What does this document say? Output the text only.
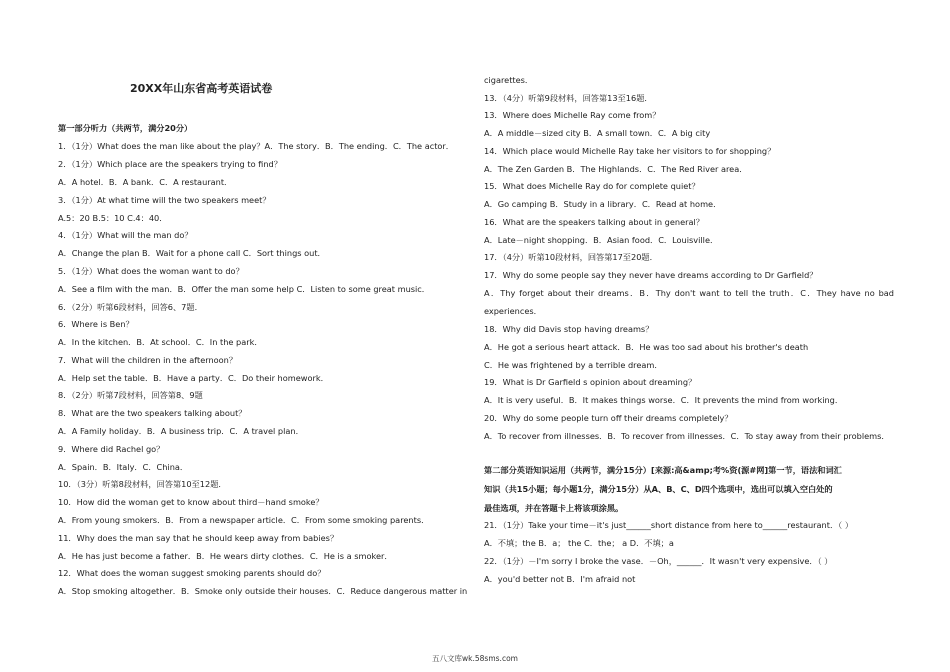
20XX年山东省高考英语试卷
第一部分听力（共两节，满分20分）
1．（1分）What does the man like about the play？A．The story．B．The ending．C．The actor．
2．（1分）Which place are the speakers trying to find？
A．A hotel．B．A bank．C．A restaurant．
3．（1分）At what time will the two speakers meet？
A.5：20 B.5：10 C.4：40．
4．（1分）What will the man do？
A．Change the plan B．Wait for a phone call C．Sort things out．
5．（1分）What does the woman want to do？
A．See a film with the man．B．Offer the man some help C．Listen to some great music．
6．（2分）听第6段材料，回答6、7题．
6．Where is Ben？
A．In the kitchen．B．At school．C．In the park．
7．What will the children in the afternoon？
A．Help set the table．B．Have a party．C．Do their homework．
8．（2分）听第7段材料，回答第8、9题
8．What are the two speakers talking about？
A．A Family holiday．B．A business trip．C．A travel plan．
9．Where did Rachel go？
A．Spain．B．Italy．C．China．
10．（3分）听第8段材料，回答第10至12题．
10．How did the woman get to know about third－hand smoke？
A．From young smokers．B．From a newspaper article．C．From some smoking parents．
11．Why does the man say that he should keep away from babies？
A．He has just become a father．B．He wears dirty clothes．C．He is a smoker．
12．What does the woman suggest smoking parents should do？
A．Stop smoking altogether．B．Smoke only outside their houses．C．Reduce dangerous matter in
cigarettes．
13．（4分）听第9段材料，回答第13至16题．
13．Where does Michelle Ray come from？
A．A middle－sized city B．A small town．C．A big city
14．Which place would Michelle Ray take her visitors to for shopping？
A．The Zen Garden B．The Highlands．C．The Red River area．
15．What does Michelle Ray do for complete quiet？
A．Go camping B．Study in a library．C．Read at home．
16．What are the speakers talking about in general？
A．Late－night shopping．B．Asian food．C．Louisville．
17．（4分）听第10段材料，回答第17至20题．
17．Why do some people say they never have dreams according to Dr Garfield？
A．Thy forget about their dreams．B．Thy don't want to tell the truth．C．They have no bad
experiences．
18．Why did Davis stop having dreams？
A．He got a serious heart attack．B．He was too sad about his brother's death
C．He was frightened by a terrible dream．
19．What is Dr Garfield s opinion about dreaming？
A．It is very useful．B．It makes things worse．C．It prevents the mind from working．
20．Why do some people turn off their dreams completely？
A．To recover from illnesses．B．To recover from illnesses．C．To stay away from their problems．
第二部分英语知识运用（共两节，满分15分）[来源:高&amp;考%资(源#网]第一节，语法和词汇
知识（共15小题；每小题1分，满分15分）从A、B、C、D四个选项中，选出可以填入空白处的
最佳选项，并在答题卡上将该项涂黑。
21．（1分）Take your time－it's just______short distance from here to______restaurant．（ ）
A．不填；the B．a； the C．the； a D．不填；a
22．（1分）－I'm sorry I broke the vase．－Oh，______．It wasn't very expensive．（ ）
A．you'd better not B．I'm afraid not
五八文库wk.58sms.com
